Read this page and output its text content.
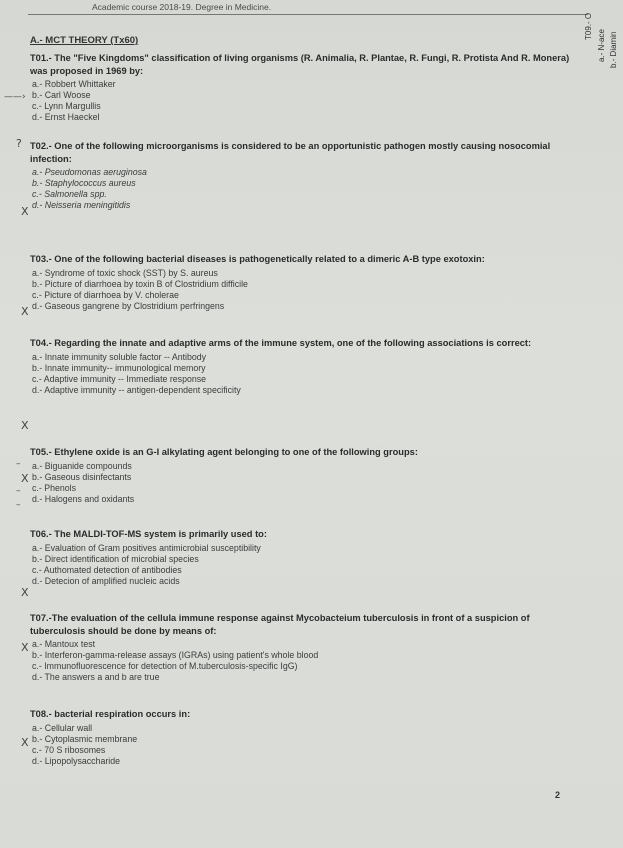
Academic course 2018-19. Degree in Medicine.
T09.- O
a.- N-ace b.- Diamin
A.- MCT THEORY (Tx60)

T01.- The "Five Kingdoms" classification of living organisms (R. Animalia, R. Plantae, R. Fungi, R. Protista And R. Monera) was proposed in 1969 by:

a.- Robbert Whittaker
b.- Carl Woose
c.- Lynn Margullis
d.- Ernst Haeckel
——›
? T02.- One of the following microorganisms is considered to be an opportunistic pathogen mostly causing nosocomial infection:

a.- Pseudomonas aeruginosa
b.- Staphylococcus aureus
c.- Salmonella spp.
d.- Neisseria meningitidis
X

T03.- One of the following bacterial diseases is pathogenetically related to a dimeric A-B type exotoxin:

a.- Syndrome of toxic shock (SST) by S. aureus
b.- Picture of diarrhoea by toxin B of Clostridium difficile
c.- Picture of diarrhoea by V. cholerae
d.- Gaseous gangrene by Clostridium perfringens
X

T04.- Regarding the innate and adaptive arms of the immune system, one of the following associations is correct:

a.- Innate immunity soluble factor -- Antibody
b.- Innate immunity-- immunological memory
c.- Adaptive immunity -- Immediate response
d.- Adaptive immunity -- antigen-dependent specificity
X

T05.- Ethylene oxide is an G-I alkylating agent belonging to one of the following groups:

a.- Biguanide compounds
b.- Gaseous disinfectants
c.- Phenols
d.- Halogens and oxidants
X
–
–
–

T06.- The MALDI-TOF-MS system is primarily used to:

a.- Evaluation of Gram positives antimicrobial susceptibility
b.- Direct identification of microbial species
c.- Authomated detection of antibodies
d.- Detecion of amplified nucleic acids
X

T07.-The evaluation of the cellula immune response against Mycobacteium tuberculosis in front of a suspicion of tuberculosis should be done by means of:

a.- Mantoux test
b.- Interferon-gamma-release assays (IGRAs) using patient's whole blood
c.- Immunofluorescence for detection of M.tuberculosis-specific IgG)
d.- The answers a and b are true
X

T08.- bacterial respiration occurs in:

a.- Cellular wall
b.- Cytoplasmic membrane
c.- 70 S ribosomes
d.- Lipopolysaccharide
X
2
